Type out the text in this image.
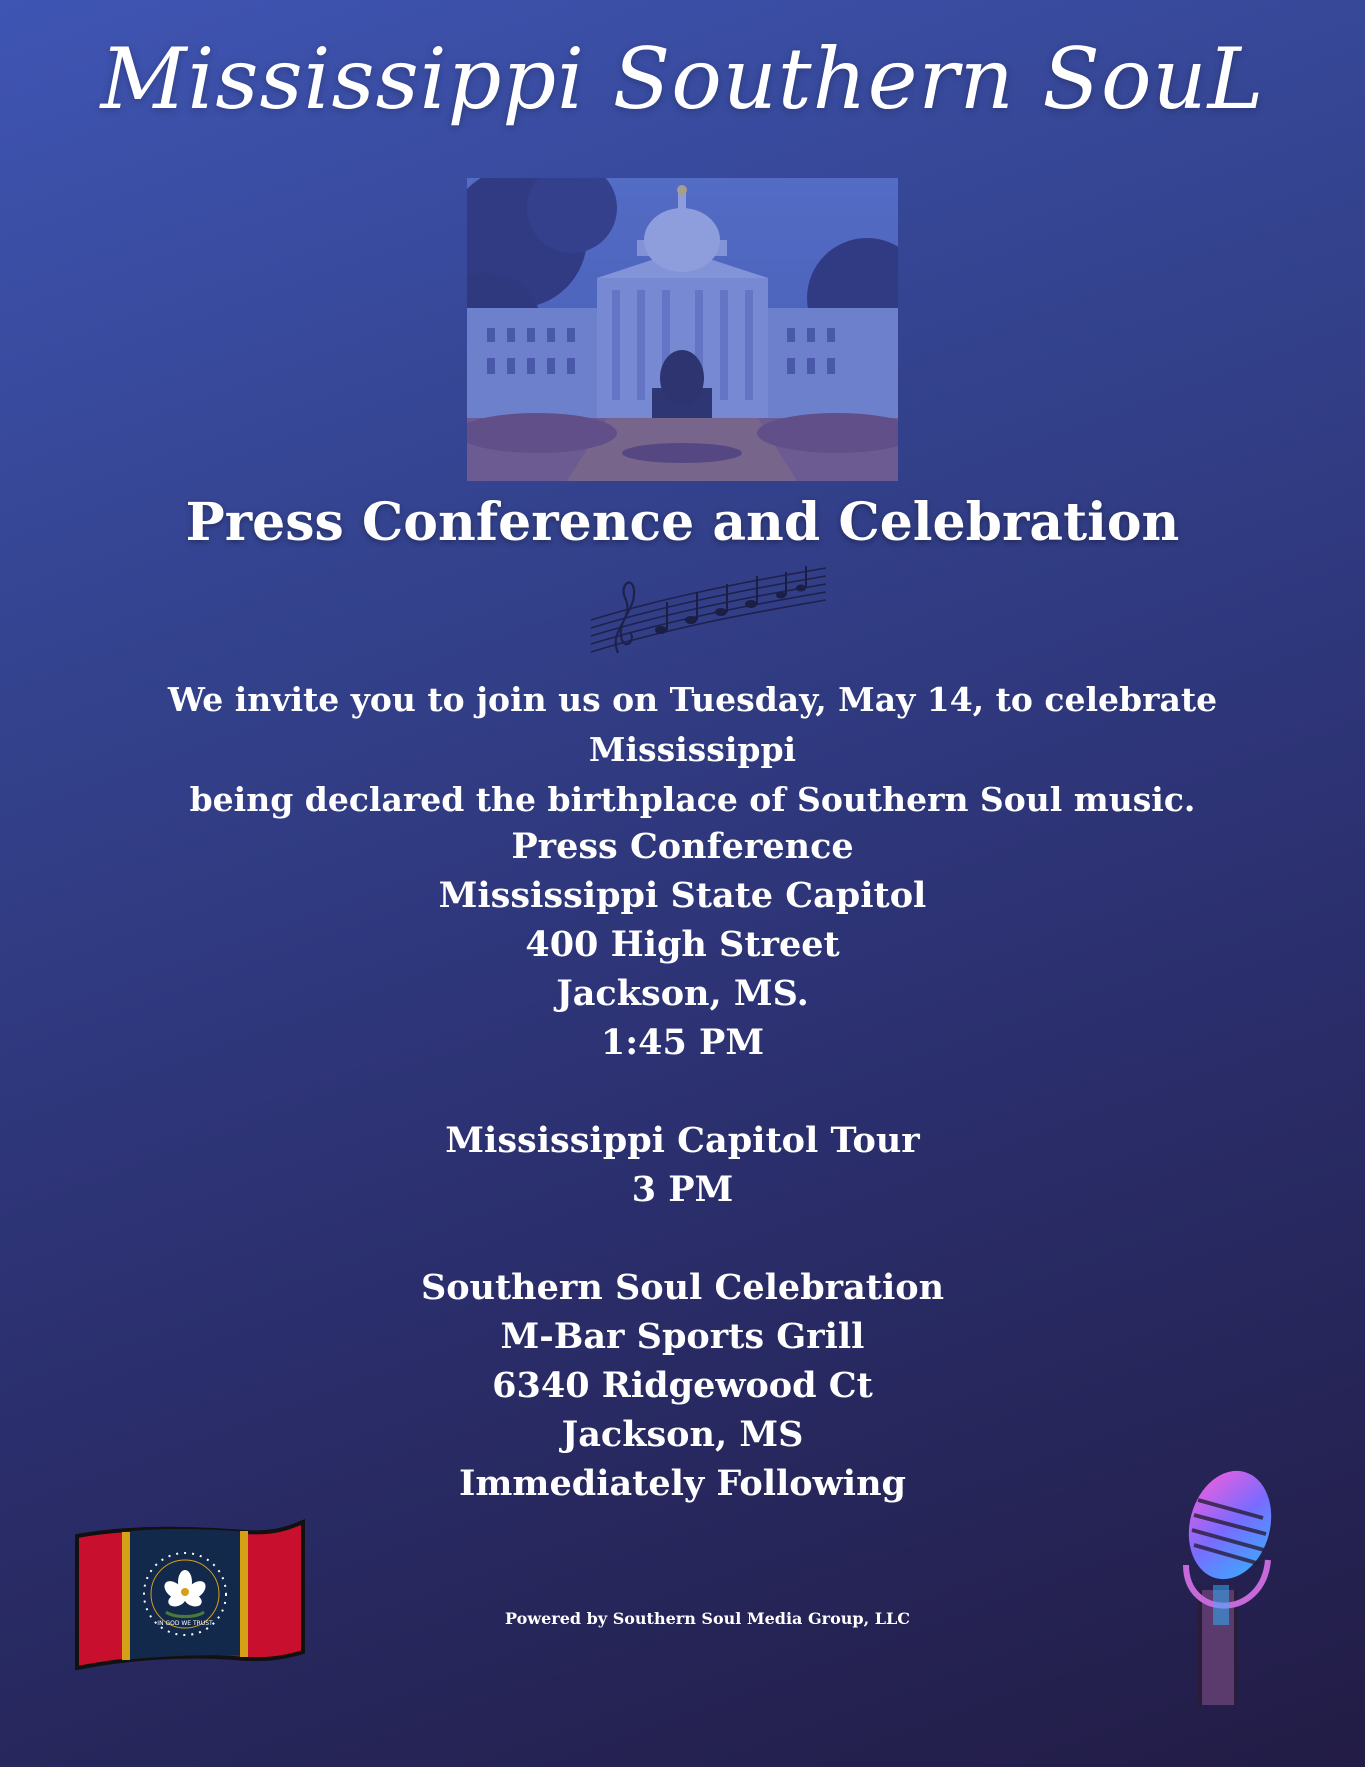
Mississippi Southern SouL
Press Conference and Celebration
We invite you to join us on Tuesday, May 14, to celebrate Mississippi
being declared the birthplace of Southern Soul music.
Press Conference
Mississippi State Capitol
400 High Street
Jackson, MS.
1:45 PM
Mississippi Capitol Tour
3 PM
Southern Soul Celebration
M-Bar Sports Grill
6340 Ridgewood Ct
Jackson, MS
Immediately Following
IN GOD WE TRUST	Powered by Southern Soul Media Group, LLC
